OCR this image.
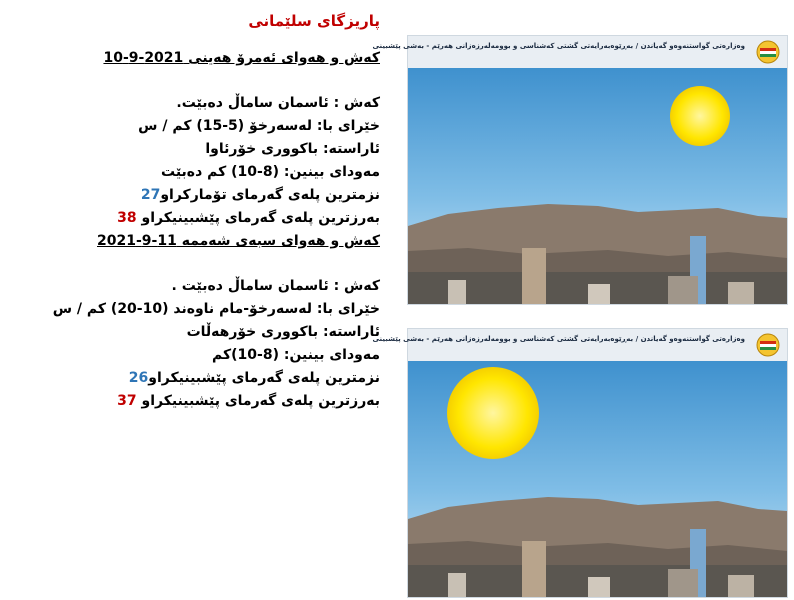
پاریزگای سلێمانی
کەش و هەوای ئەمرۆ هەینی 2021-9-10
کەش : ئاسمان ساماڵ دەبێت.
خێرای با: لەسەرخۆ (5-15) کم / س
ئاراستە: باکووری خۆرئاوا
مەودای بینین: (8-10) کم دەبێت
نزمترین پلەی گەرمای تۆمارکراو27
بەرزترین پلەی گەرمای پێشبینیکراو 38
کەش و هەوای سبەی شەممە 11-9-2021
کەش : ئاسمان ساماڵ دەبێت .
خێرای با: لەسەرخۆ-مام ناوەند (10-20) کم / س
ئاراستە: باکووری خۆرهەڵات
مەودای بینین: (8-10)کم
نزمترین پلەی گەرمای پێشبینیکراو26
بەرزترین پلەی گەرمای پێشبینیکراو 37
وەزارەتی گواستنەوەو گەیاندن / بەڕێوەبەرایەتی گشتی کەشناسی و بوومەلەرزەزانی هەرێم - بەشی پێشبینی
وەزارەتی گواستنەوەو گەیاندن / بەڕێوەبەرایەتی گشتی کەشناسی و بوومەلەرزەزانی هەرێم - بەشی پێشبینی
